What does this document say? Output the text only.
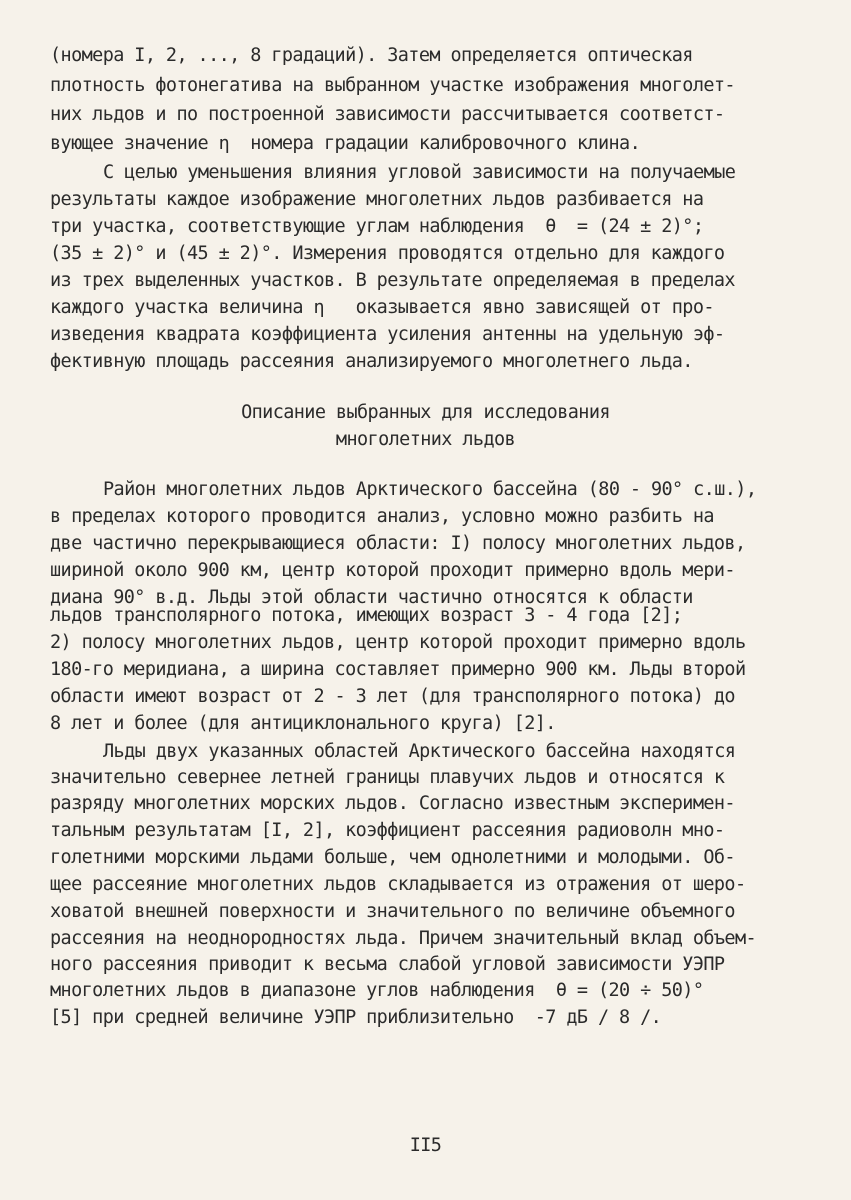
(номера I, 2, ..., 8 градаций). Затем определяется оптическая
плотность фотонегатива на выбранном участке изображения многолет-
них льдов и по построенной зависимости рассчитывается соответст-
вующее значение η  номера градации калибровочного клина.
С целью уменьшения влияния угловой зависимости на получаемые
результаты каждое изображение многолетних льдов разбивается на
три участка, соответствующие углам наблюдения  θ  = (24 ± 2)°;
(35 ± 2)° и (45 ± 2)°. Измерения проводятся отдельно для каждого
из трех выделенных участков. В результате определяемая в пределах
каждого участка величина η   оказывается явно зависящей от про-
изведения квадрата коэффициента усиления антенны на удельную эф-
фективную площадь рассеяния анализируемого многолетнего льда.
Описание выбранных для исследования
многолетних льдов
Район многолетних льдов Арктического бассейна (80 - 90° с.ш.),
в пределах которого проводится анализ, условно можно разбить на
две частично перекрывающиеся области: I) полосу многолетних льдов,
шириной около 900 км, центр которой проходит примерно вдоль мери-
диана 90° в.д. Льды этой области частично относятся к области
льдов трансполярного потока, имеющих возраст 3 - 4 года [2];
2) полосу многолетних льдов, центр которой проходит примерно вдоль
180-го меридиана, а ширина составляет примерно 900 км. Льды второй
области имеют возраст от 2 - 3 лет (для трансполярного потока) до
8 лет и более (для антициклонального круга) [2].
Льды двух указанных областей Арктического бассейна находятся
значительно севернее летней границы плавучих льдов и относятся к
разряду многолетних морских льдов. Согласно известным эксперимен-
тальным результатам [I, 2], коэффициент рассеяния радиоволн мно-
голетними морскими льдами больше, чем однолетними и молодыми. Об-
щее рассеяние многолетних льдов складывается из отражения от шеро-
ховатой внешней поверхности и значительного по величине объемного
рассеяния на неоднородностях льда. Причем значительный вклад объем-
ного рассеяния приводит к весьма слабой угловой зависимости УЭПР
многолетних льдов в диапазоне углов наблюдения  θ = (20 ÷ 50)°
[5] при средней величине УЭПР приблизительно  -7 дБ / 8 /.
II5
